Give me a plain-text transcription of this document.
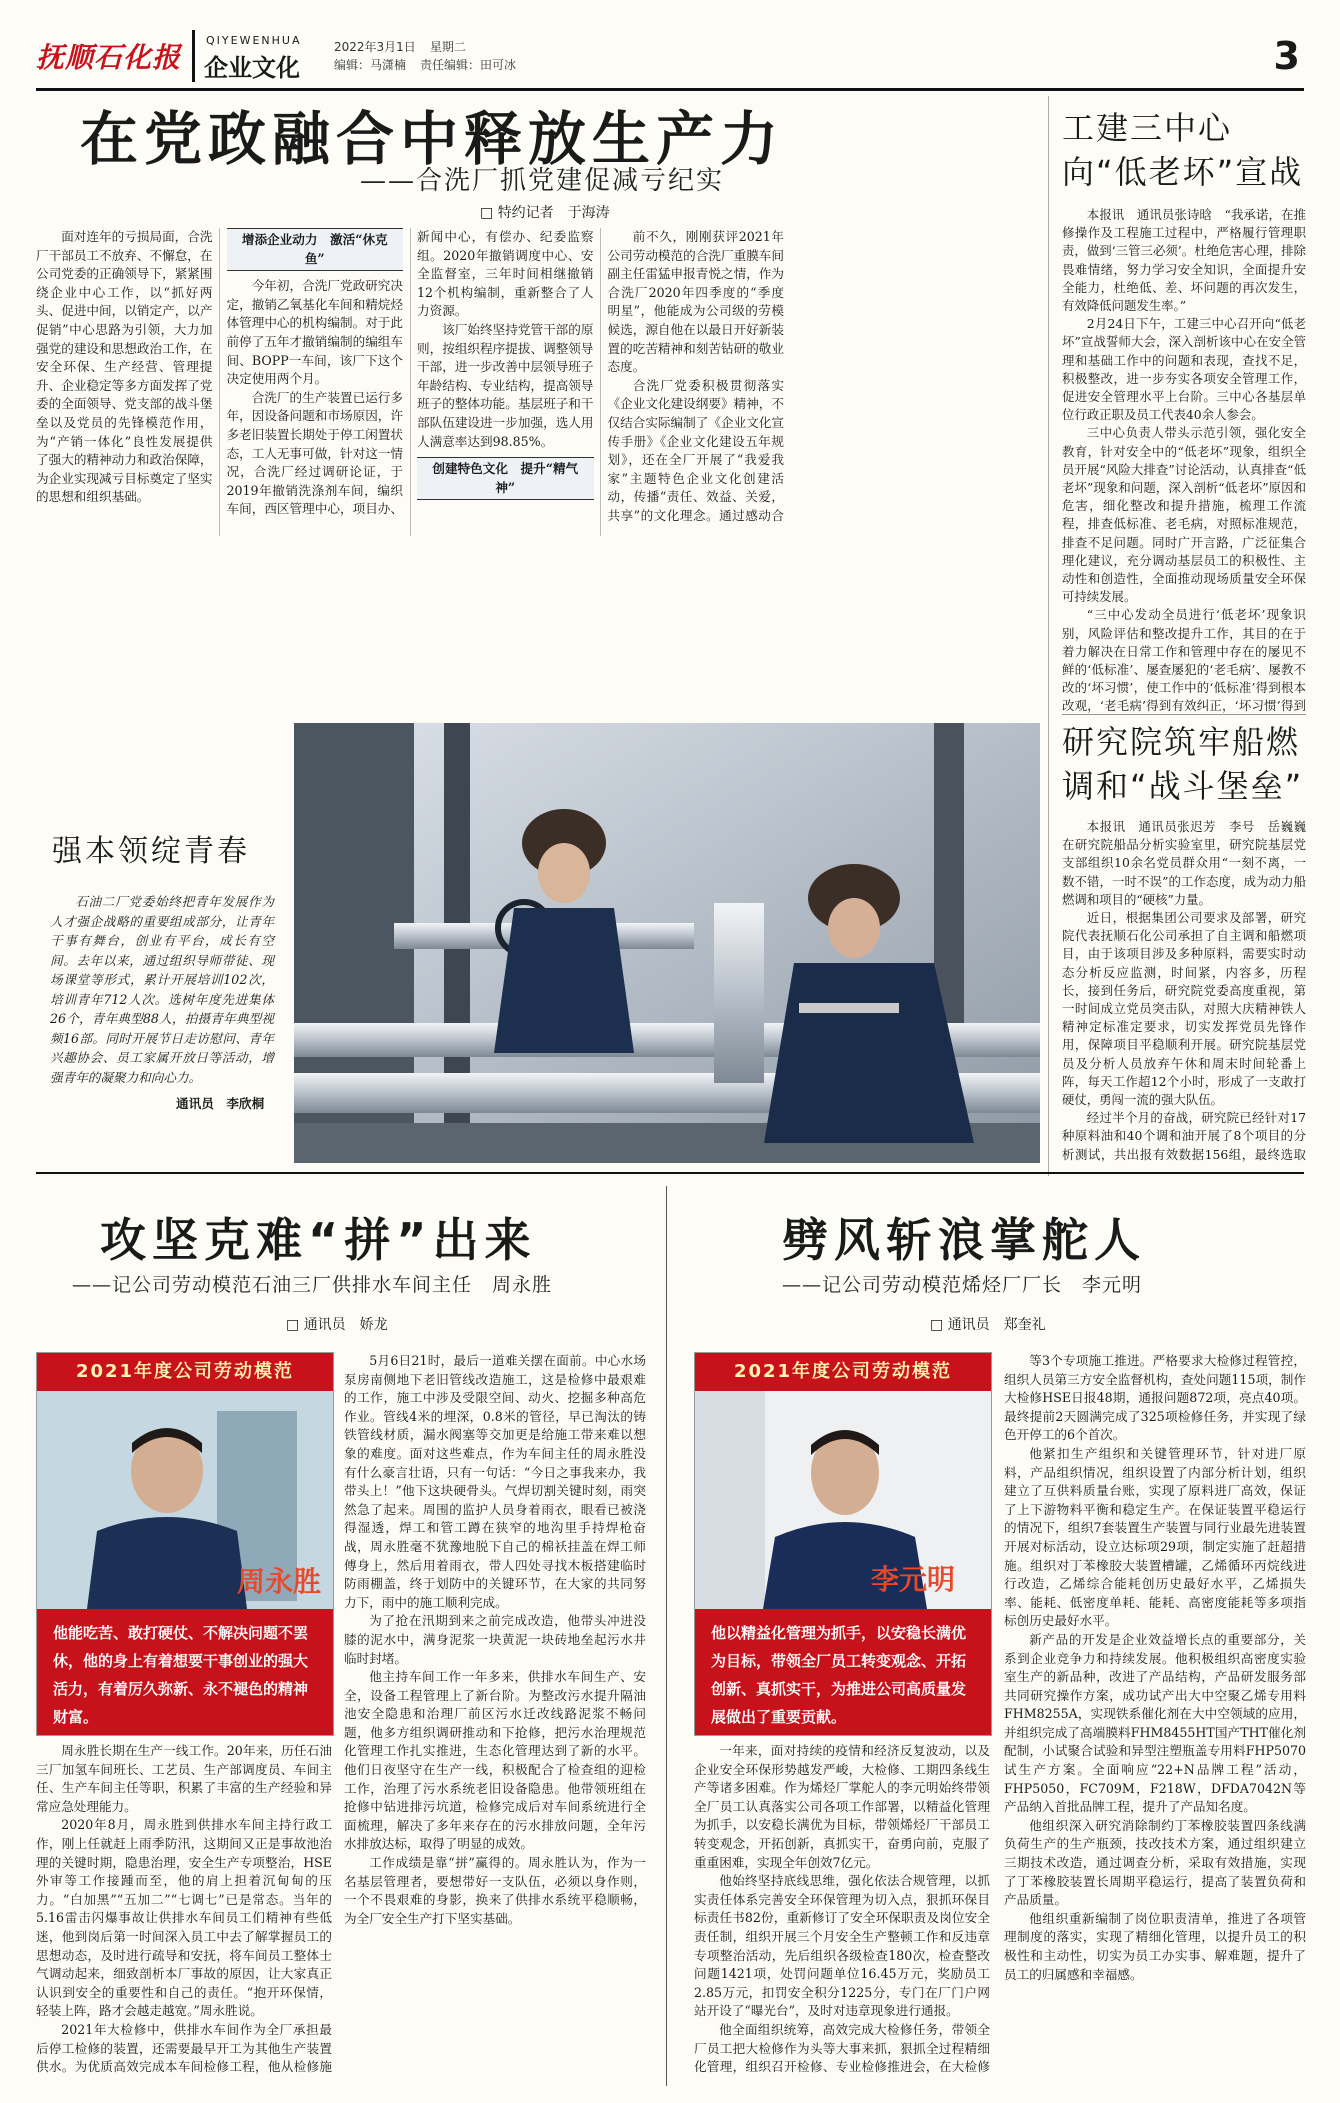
抚顺石化报
QIYEWENHUA
企业文化
2022年3月1日 星期二
编辑：马潇楠 责任编辑：田可冰	3
在党政融合中释放生产力
——合洗厂抓党建促减亏纪实
□ 特约记者　于海涛

面对连年的亏损局面，合洗厂干部员工不放弃、不懈怠，在公司党委的正确领导下，紧紧围绕企业中心工作，以“抓好两头、促进中间，以销定产，以产促销”中心思路为引领，大力加强党的建设和思想政治工作，在安全环保、生产经营、管理提升、企业稳定等多方面发挥了党委的全面领导、党支部的战斗堡垒以及党员的先锋模范作用，为“产销一体化”良性发展提供了强大的精神动力和政治保障，为企业实现减亏目标奠定了坚实的思想和组织基础。

增添企业动力　激活“休克鱼”

今年初，合洗厂党政研究决定，撤销乙氧基化车间和精烷烃体管理中心的机构编制。对于此前停了五年才撤销编制的编组车间、BOPP一车间，该厂下这个决定使用两个月。

合洗厂的生产装置已运行多年，因设备问题和市场原因，许多老旧装置长期处于停工闲置状态，工人无事可做，针对这一情况，合洗厂经过调研论证，于2019年撤销洗涤剂车间，编织车间，西区管理中心，项目办、新闻中心，有偿办、纪委监察组。2020年撤销调度中心、安全监督室，三年时间相继撤销12个机构编制，重新整合了人力资源。

该厂始终坚持党管干部的原则，按组织程序提拔、调整领导干部，进一步改善中层领导班子年龄结构、专业结构，提高领导班子的整体功能。基层班子和干部队伍建设进一步加强，选人用人满意率达到98.85%。

创建特色文化　提升“精气神”

前不久，刚刚获评2021年公司劳动模范的合洗厂重膜车间副主任雷猛申报青悦之情，作为合洗厂2020年四季度的“季度明星”，他能成为公司级的劳模候选，源自他在以最日开好新装置的吃苦精神和刻苦钻研的敬业态度。

合洗厂党委积极贯彻落实《企业文化建设纲要》精神，不仅结合实际编制了《企业文化宣传手册》《企业文化建设五年规划》，还在全厂开展了“我爱我家”主题特色企业文化创建活动，传播“责任、效益、关爱，共享”的文化理念。通过感动合

工建三中心
向“低老坏”宣战

本报讯　通讯员张诗晗　“我承诺，在推修操作及工程施工过程中，严格履行管理职责，做到‘三管三必须’。杜绝危害心理，排除畏难情绪，努力学习安全知识，全面提升安全能力，杜绝低、差、坏问题的再次发生，有效降低问题发生率。”

2月24日下午，工建三中心召开向“低老坏”宣战誓师大会，深入剖析该中心在安全管理和基础工作中的问题和表现，查找不足，积极整改，进一步夯实各项安全管理工作，促进安全管理水平上台阶。三中心各基层单位行政正职及员工代表40余人参会。

三中心负责人带头示范引领，强化安全教育，针对安全中的“低老坏”现象，组织全员开展“风险大排查”讨论活动，认真排查“低老坏”现象和问题，深入剖析“低老坏”原因和危害，细化整改和提升措施，梳理工作流程，排查低标准、老毛病，对照标准规范，排查不足问题。同时广开言路，广泛征集合理化建议，充分调动基层员工的积极性、主动性和创造性，全面推动现场质量安全环保可持续发展。

“三中心发动全员进行‘低老坏’现象识别，风险评估和整改提升工作，其目的在于着力解决在日常工作和管理中存在的屡见不鲜的‘低标准’、屡查屡犯的‘老毛病’、屡教不改的‘坏习惯’，使工作中的‘低标准’得到根本改观，‘老毛病’得到有效纠正，‘坏习惯’得到

研究院筑牢船燃
调和“战斗堡垒”

本报讯　通讯员张迟芳　李号　岳巍巍　在研究院船品分析实验室里，研究院基层党支部组织10余名党员群众用“一刻不离，一数不错，一时不误”的工作态度，成为动力船燃调和项目的“硬核”力量。

近日，根据集团公司要求及部署，研究院代表抚顺石化公司承担了自主调和船燃项目，由于该项目涉及多种原料，需要实时动态分析反应监测，时间紧，内容多，历程长，接到任务后，研究院党委高度重视，第一时间成立党员突击队，对照大庆精神铁人精神定标准定要求，切实发挥党员先锋作用，保障项目平稳顺利开展。研究院基层党员及分析人员放弃午休和周末时间轮番上阵，每天工作超12个小时，形成了一支敢打硬仗，勇闯一流的强大队伍。

经过半个月的奋战，研究院已经针对17种原料油和40个调和油开展了8个项目的分析测试，共出报有效数据156组，最终选取

强本领绽青春
石油二厂党委始终把青年发展作为人才强企战略的重要组成部分，让青年干事有舞台，创业有平台，成长有空间。去年以来，通过组织导师带徒、现场课堂等形式，累计开展培训102次，培训青年712人次。选树年度先进集体26个，青年典型88人，拍摄青年典型视频16部。同时开展节日走访慰问、青年兴趣协会、员工家属开放日等活动，增强青年的凝聚力和向心力。
通讯员　李欣桐
攻坚克难“拼”出来
——记公司劳动模范石油三厂供排水车间主任　周永胜
□ 通讯员　娇龙
2021年度公司劳动模范
周永胜
他能吃苦、敢打硬仗、不解决问题不罢休，他的身上有着想要干事创业的强大活力，有着厉久弥新、永不褪色的精神财富。

周永胜长期在生产一线工作。20年来，历任石油三厂加氢车间班长、工艺员、生产部调度员、车间主任、生产车间主任等职，积累了丰富的生产经验和异常应急处理能力。

2020年8月，周永胜到供排水车间主持行政工作，刚上任就赶上雨季防汛，这期间又正是事故池治理的关键时期，隐患治理，安全生产专项整治，HSE外审等工作接踵而至，他的肩上担着沉甸甸的压力。“白加黑”“五加二”“七调七”已是常态。当年的5.16雷击闪爆事故让供排水车间员工们精神有些低迷，他到岗后第一时间深入员工中去了解掌握员工的思想动态，及时进行疏导和安抚，将车间员工整体士气调动起来，细致剖析本厂事故的原因，让大家真正认识到安全的重要性和自己的责任。“抱开环保情，轻装上阵，路才会越走越宽。”周永胜说。

2021年大检修中，供排水车间作为全厂承担最后停工检修的装置，还需要最早开工为其他生产装置供水。为优质高效完成本车间检修工程，他从检修施

5月6日21时，最后一道难关摆在面前。中心水场泵房南侧地下老旧管线改造施工，这是检修中最艰难的工作，施工中涉及受限空间、动火、挖掘多种高危作业。管线4米的埋深，0.8米的管径，早已淘汰的铸铁管线材质，漏水阀塞等交加更是给施工带来难以想象的难度。面对这些难点，作为车间主任的周永胜没有什么豪言壮语，只有一句话：“今日之事我来办，我带头上！”他下这块硬骨头。气焊切割关键时刻，雨突然急了起来。周围的监护人员身着雨衣，眼看已被浇得湿透，焊工和管工蹲在狭窄的地沟里手持焊枪奋战，周永胜毫不犹豫地脱下自己的棉袄挂盖在焊工师傅身上，然后用着雨衣，带人四处寻找木板搭建临时防雨棚盖，终于划防中的关键环节，在大家的共同努力下，雨中的施工顺利完成。

为了抢在汛期到来之前完成改造，他带头冲进没膝的泥水中，满身泥浆一块黄泥一块砖地垒起污水井临时封堵。

他主持车间工作一年多来，供排水车间生产、安全，设备工程管理上了新台阶。为整改污水提升隔油池安全隐患和治理厂前区污水迁改线路泥浆不畅问题，他多方组织调研推动和下抢修，把污水治理规范化管理工作扎实推进，生态化管理达到了新的水平。他们日夜坚守在生产一线，积极配合了检查组的迎检工作，治理了污水系统老旧设备隐患。他带领班组在抢修中钻进排污坑道，检修完成后对车间系统进行全面梳理，解决了多年来存在的污水排放问题，全年污水排放达标，取得了明显的成效。

工作成绩是靠“拼”赢得的。周永胜认为，作为一名基层管理者，要想带好一支队伍，必须以身作则，一个不畏艰难的身影，换来了供排水系统平稳顺畅，为全厂安全生产打下坚实基础。

劈风斩浪掌舵人
——记公司劳动模范烯烃厂厂长　李元明
□ 通讯员　郑奎礼
2021年度公司劳动模范
李元明
他以精益化管理为抓手，以安稳长满优为目标，带领全厂员工转变观念、开拓创新、真抓实干，为推进公司高质量发展做出了重要贡献。

一年来，面对持续的疫情和经济反复波动，以及企业安全环保形势越发严峻，大检修、工期四条线生产等诸多困难。作为烯烃厂掌舵人的李元明始终带领全厂员工认真落实公司各项工作部署，以精益化管理为抓手，以安稳长满优为目标，带领烯烃厂干部员工转变观念，开拓创新，真抓实干，奋勇向前，克服了重重困难，实现全年创效7亿元。

他始终坚持底线思维，强化依法合规管理，以抓实责任体系完善安全环保管理为切入点，狠抓环保目标责任书82份，重新修订了安全环保职责及岗位安全责任制，组织开展三个月安全生产整顿工作和反违章专项整治活动，先后组织各级检查180次，检查整改问题1421项，处罚问题单位16.45万元，奖励员工2.85万元，扣罚安全积分1225分，专门在厂门户网站开设了“曝光台”，及时对违章现象进行通报。

他全面组织统筹，高效完成大检修任务，带领全厂员工把大检修作为头等大事来抓，狠抓全过程精细化管理，组织召开检修、专业检修推进会，在大检修

等3个专项施工推进。严格要求大检修过程管控，组织人员第三方安全监督机构，查处问题115项，制作大检修HSE日报48期，通报问题872项，亮点40项。最终提前2天圆满完成了325项检修任务，并实现了绿色开停工的6个首次。

他紧扣生产组织和关键管理环节，针对进厂原料，产品组织情况，组织设置了内部分析计划，组织建立了互供料质量台账，实现了原料进厂高效，保证了上下游物料平衡和稳定生产。在保证装置平稳运行的情况下，组织7套装置生产装置与同行业最先进装置开展对标活动，设立达标项29项，制定实施了赶超措施。组织对丁苯橡胶大装置槽罐，乙烯循环丙烷线进行改造，乙烯综合能耗创历史最好水平，乙烯损失率、能耗、低密度单耗、能耗、高密度能耗等多项指标创历史最好水平。

新产品的开发是企业效益增长点的重要部分，关系到企业竞争力和持续发展。他积极组织高密度实验室生产的新品种，改进了产品结构，产品研发服务部共同研究操作方案，成功试产出大中空聚乙烯专用料FHM8255A，实现铁系催化剂在大中空领域的应用，并组织完成了高端膜料FHM8455HT国产THT催化剂配制，小试聚合试验和异型注塑瓶盖专用料FHP5070试生产方案。全面响应“22+N品牌工程”活动，FHP5050，FC709M，F218W，DFDA7042N等产品纳入首批品牌工程，提升了产品知名度。

他组织深入研究消除制约丁苯橡胶装置四条线满负荷生产的生产瓶颈，技改技术方案，通过组织建立三期技术改造，通过调查分析，采取有效措施，实现了丁苯橡胶装置长周期平稳运行，提高了装置负荷和产品质量。

他组织重新编制了岗位职责清单，推进了各项管理制度的落实，实现了精细化管理，以提升员工的积极性和主动性，切实为员工办实事、解难题，提升了员工的归属感和幸福感。
